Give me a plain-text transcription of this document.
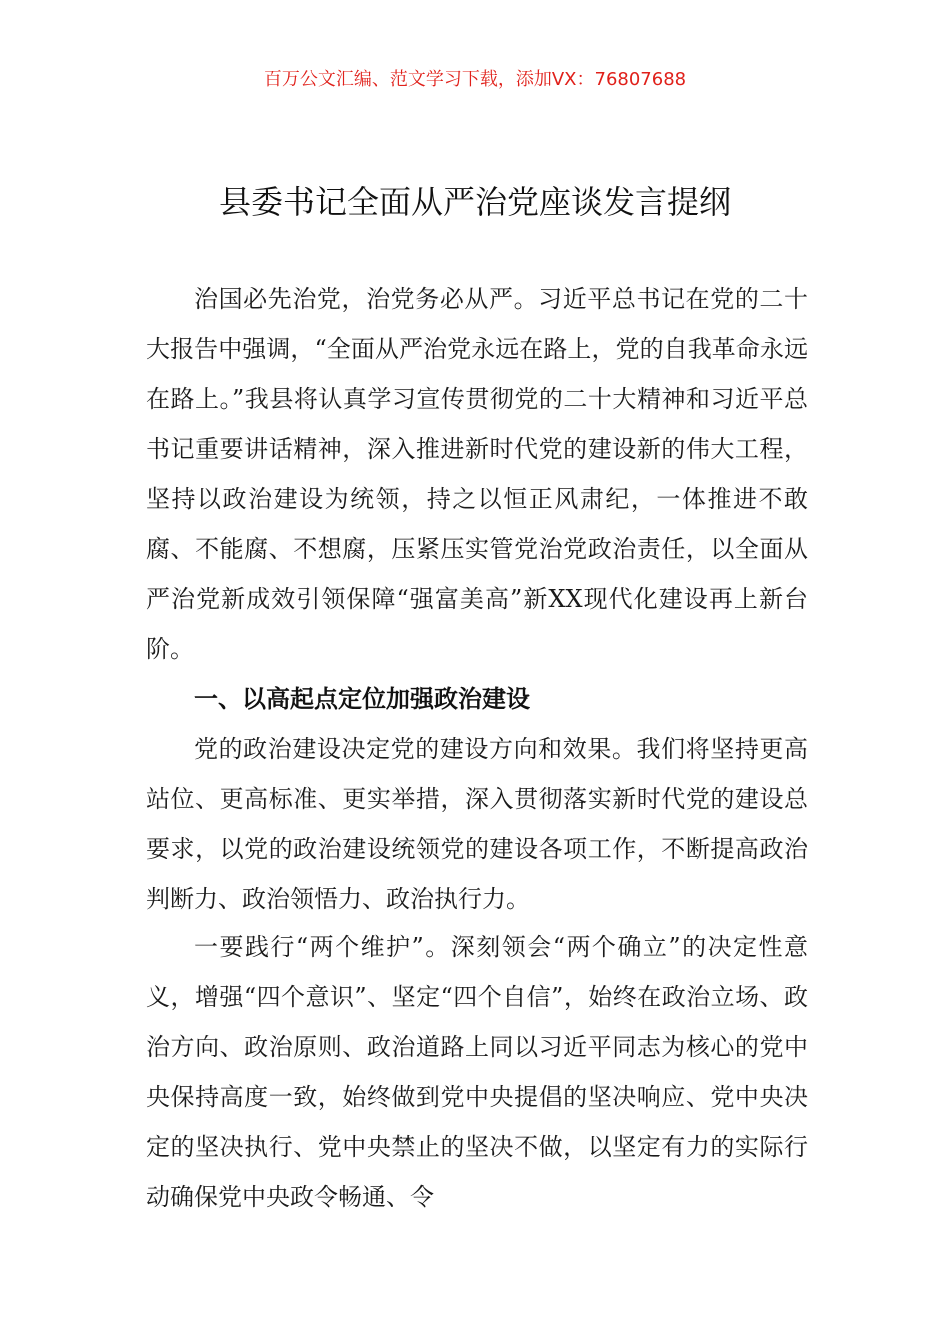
百万公文汇编、范文学习下载，添加VX：76807688
县委书记全面从严治党座谈发言提纲

治国必先治党，治党务必从严。习近平总书记在党的二十大报告中强调，“全面从严治党永远在路上，党的自我革命永远在路上。”我县将认真学习宣传贯彻党的二十大精神和习近平总书记重要讲话精神，深入推进新时代党的建设新的伟大工程，坚持以政治建设为统领，持之以恒正风肃纪，一体推进不敢腐、不能腐、不想腐，压紧压实管党治党政治责任，以全面从严治党新成效引领保障“强富美高”新XX现代化建设再上新台阶。

一、以高起点定位加强政治建设

党的政治建设决定党的建设方向和效果。我们将坚持更高站位、更高标准、更实举措，深入贯彻落实新时代党的建设总要求，以党的政治建设统领党的建设各项工作，不断提高政治判断力、政治领悟力、政治执行力。

一要践行“两个维护”。深刻领会“两个确立”的决定性意义，增强“四个意识”、坚定“四个自信”，始终在政治立场、政治方向、政治原则、政治道路上同以习近平同志为核心的党中央保持高度一致，始终做到党中央提倡的坚决响应、党中央决定的坚决执行、党中央禁止的坚决不做，以坚定有力的实际行动确保党中央政令畅通、令
